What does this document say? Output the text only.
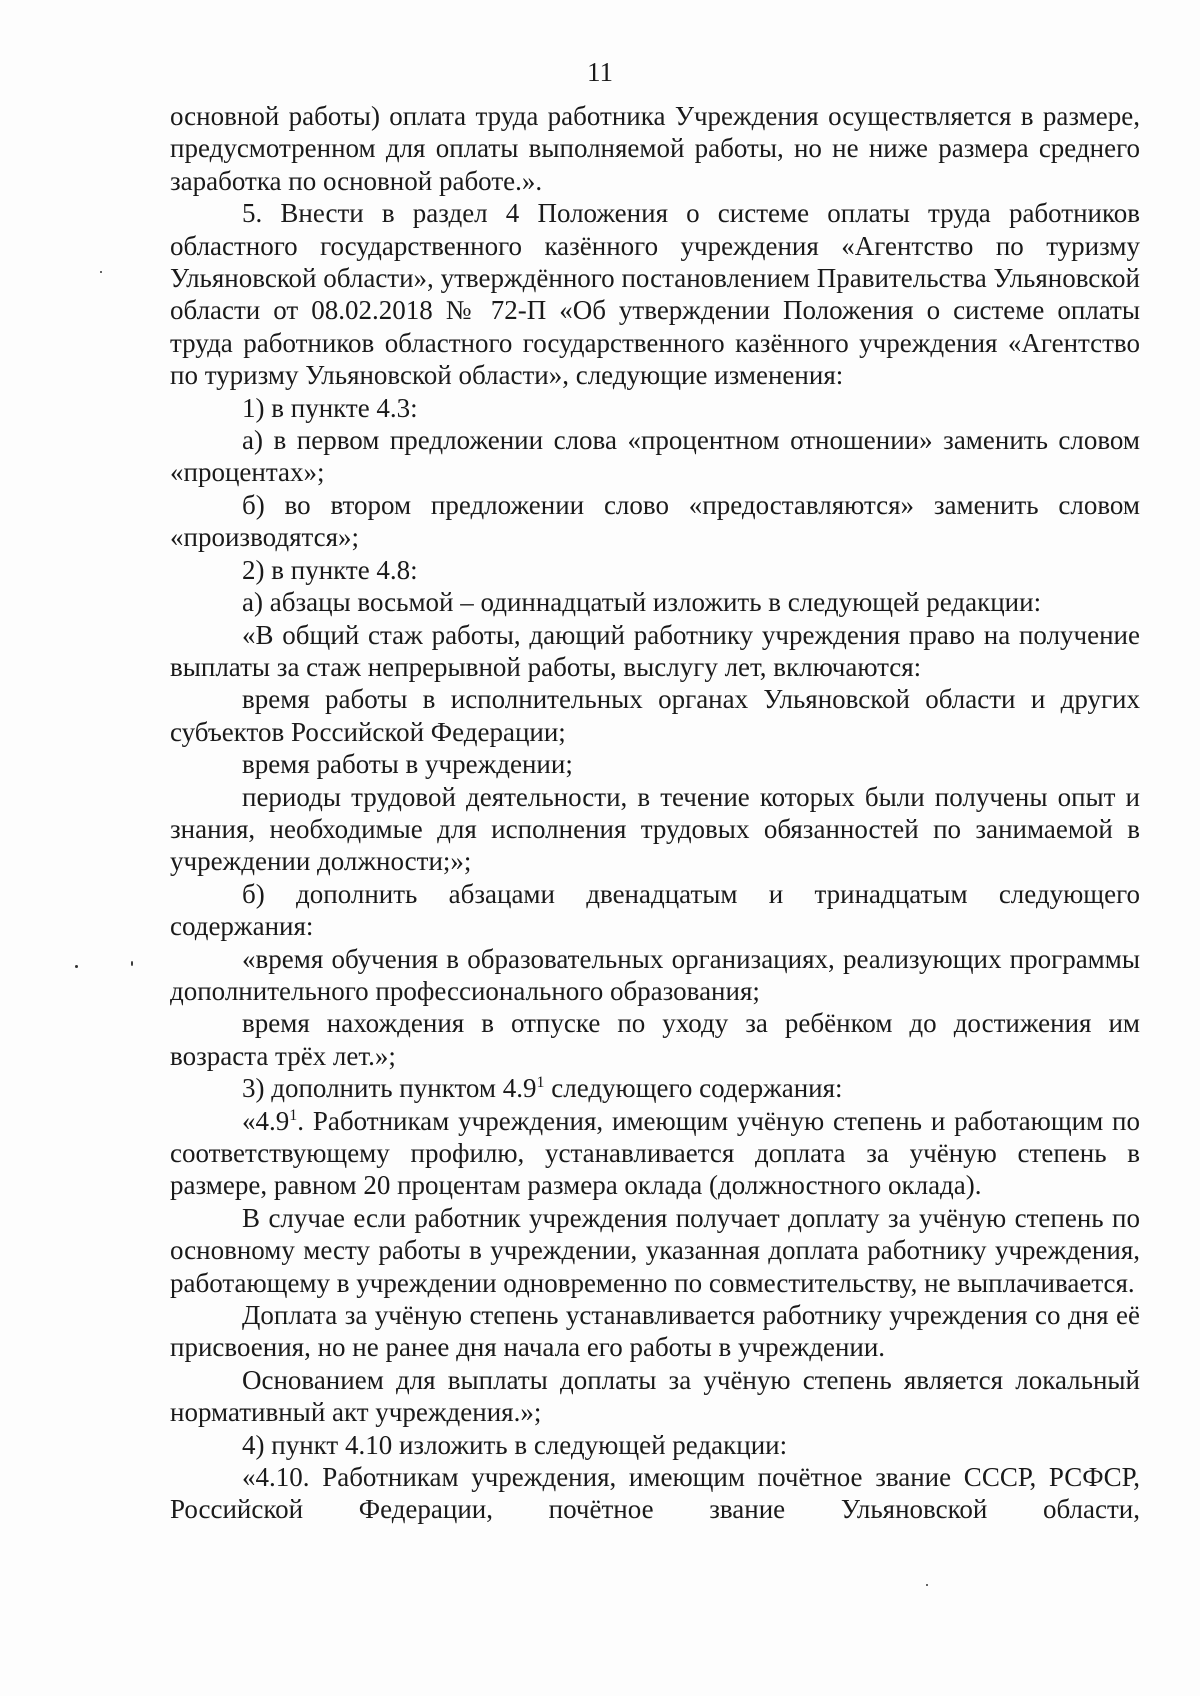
11

основной работы) оплата труда работника Учреждения осуществляется в размере, предусмотренном для оплаты выполняемой работы, но не ниже размера среднего заработка по основной работе.».

5. Внести в раздел 4 Положения о системе оплаты труда работников областного государственного казённого учреждения «Агентство по туризму Ульяновской области», утверждённого постановлением Правительства Ульяновской области от 08.02.2018 № 72-П «Об утверждении Положения о системе оплаты труда работников областного государственного казённого учреждения «Агентство по туризму Ульяновской области», следующие изменения:

1) в пункте 4.3:

а) в первом предложении слова «процентном отношении» заменить словом «процентах»;

б) во втором предложении слово «предоставляются» заменить словом «производятся»;

2) в пункте 4.8:

а) абзацы восьмой – одиннадцатый изложить в следующей редакции:

«В общий стаж работы, дающий работнику учреждения право на получение выплаты за стаж непрерывной работы, выслугу лет, включаются:

время работы в исполнительных органах Ульяновской области и других субъектов Российской Федерации;

время работы в учреждении;

периоды трудовой деятельности, в течение которых были получены опыт и знания, необходимые для исполнения трудовых обязанностей по занимаемой в учреждении должности;»;

б) дополнить абзацами двенадцатым и тринадцатым следующего содержания:

«время обучения в образовательных организациях, реализующих программы дополнительного профессионального образования;

время нахождения в отпуске по уходу за ребёнком до достижения им возраста трёх лет.»;

3) дополнить пунктом $4.9^1$ следующего содержания:

«$4.9^1$. Работникам учреждения, имеющим учёную степень и работающим по соответствующему профилю, устанавливается доплата за учёную степень в размере, равном 20 процентам размера оклада (должностного оклада).

В случае если работник учреждения получает доплату за учёную степень по основному месту работы в учреждении, указанная доплата работнику учреждения, работающему в учреждении одновременно по совместительству, не выплачивается.

Доплата за учёную степень устанавливается работнику учреждения со дня её присвоения, но не ранее дня начала его работы в учреждении.

Основанием для выплаты доплаты за учёную степень является локальный нормативный акт учреждения.»;

4) пункт 4.10 изложить в следующей редакции:

«4.10. Работникам учреждения, имеющим почётное звание СССР, РСФСР, Российской Федерации, почётное звание Ульяновской области,
